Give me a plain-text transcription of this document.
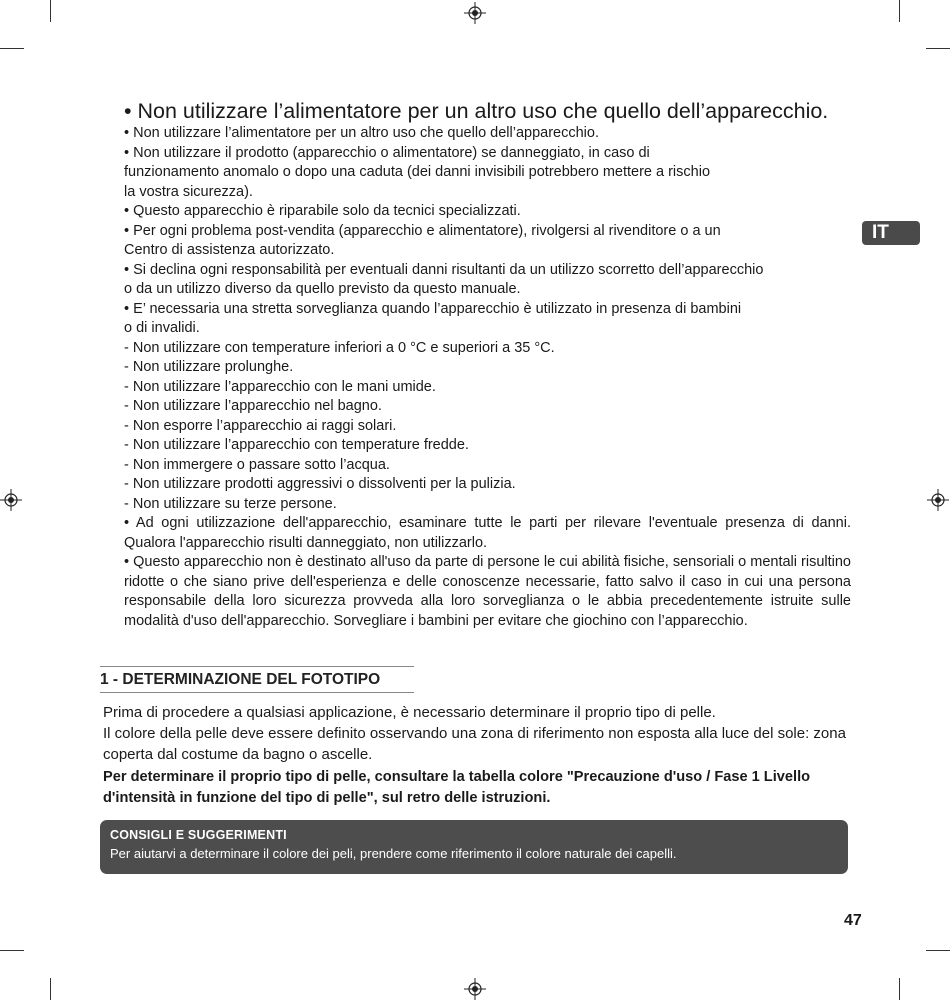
IT
• Non utilizzare l’alimentatore per un altro uso che quello dell’apparecchio.
• Non utilizzare l’alimentatore per un altro uso che quello dell’apparecchio.
• Non utilizzare il prodotto (apparecchio o alimentatore) se danneggiato, in caso di
funzionamento anomalo o dopo una caduta (dei danni invisibili potrebbero mettere a rischio
la vostra sicurezza).
• Questo apparecchio è riparabile solo da tecnici specializzati.
• Per ogni problema post-vendita (apparecchio e alimentatore), rivolgersi al rivenditore o a un
Centro di assistenza autorizzato.
• Si declina ogni responsabilità per eventuali danni risultanti da un utilizzo scorretto dell’apparecchio
o da un utilizzo diverso da quello previsto da questo manuale.
• E’ necessaria una stretta sorveglianza quando l’apparecchio è utilizzato in presenza di bambini
o di invalidi.
- Non utilizzare con temperature inferiori a 0 °C e superiori a 35 °C.
- Non utilizzare prolunghe.
- Non utilizzare l’apparecchio con le mani umide.
- Non utilizzare l’apparecchio nel bagno.
- Non esporre l’apparecchio ai raggi solari.
- Non utilizzare l’apparecchio con temperature fredde.
- Non immergere o passare sotto l’acqua.
- Non utilizzare prodotti aggressivi o dissolventi per la pulizia.
- Non utilizzare su terze persone.
• Ad ogni utilizzazione dell'apparecchio, esaminare tutte le parti per rilevare l'eventuale presenza di danni. Qualora l'apparecchio risulti danneggiato, non utilizzarlo.
• Questo apparecchio non è destinato all'uso da parte di persone le cui abilità fisiche, sensoriali o mentali risultino ridotte o che siano prive dell'esperienza e delle conoscenze necessarie, fatto salvo il caso in cui una persona responsabile della loro sicurezza provveda alla loro sorveglianza o le abbia precedentemente istruite sulle modalità d'uso dell'apparecchio. Sorvegliare i bambini per evitare che giochino con l’apparecchio.
1 - DETERMINAZIONE DEL FOTOTIPO
Prima di procedere a qualsiasi applicazione, è necessario determinare il proprio tipo di pelle.
Il colore della pelle deve essere definito osservando una zona di riferimento non esposta alla luce del sole: zona coperta dal costume da bagno o ascelle.
Per determinare il proprio tipo di pelle, consultare la tabella colore "Precauzione d'uso / Fase 1 Livello d'intensità in funzione del tipo di pelle", sul retro delle istruzioni.
CONSIGLI E SUGGERIMENTI
Per aiutarvi a determinare il colore dei peli, prendere come riferimento il colore naturale dei capelli.
47
